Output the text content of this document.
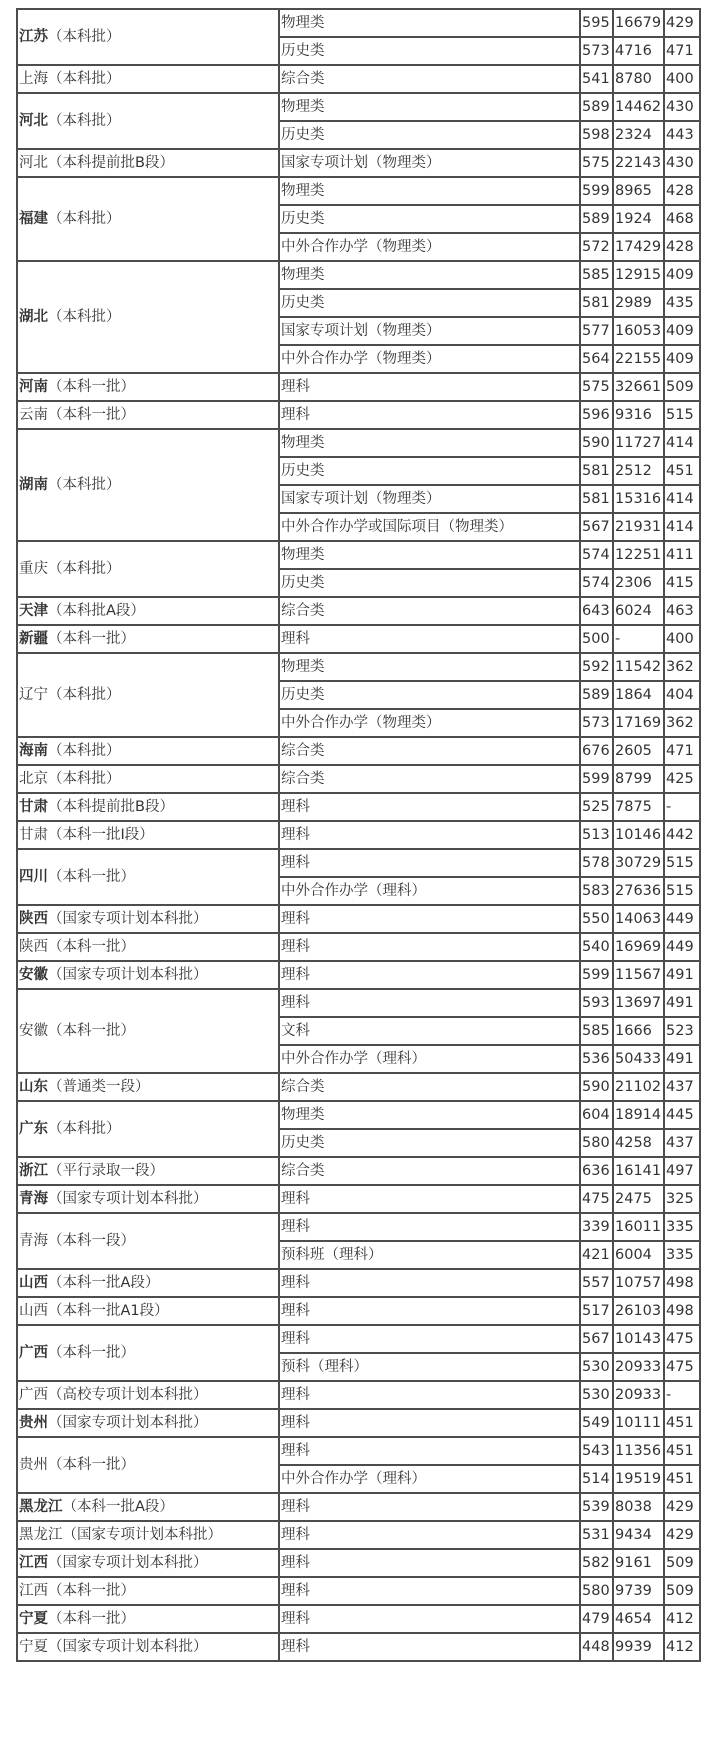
江苏（本科批）	物理类	595	16679	429
	历史类	573	4716	471
上海（本科批）	综合类	541	8780	400
河北（本科批）	物理类	589	14462	430
	历史类	598	2324	443
河北（本科提前批B段）	国家专项计划（物理类）	575	22143	430
福建（本科批）	物理类	599	8965	428
	历史类	589	1924	468
	中外合作办学（物理类）	572	17429	428
湖北（本科批）	物理类	585	12915	409
	历史类	581	2989	435
	国家专项计划（物理类）	577	16053	409
	中外合作办学（物理类）	564	22155	409
河南（本科一批）	理科	575	32661	509
云南（本科一批）	理科	596	9316	515
湖南（本科批）	物理类	590	11727	414
	历史类	581	2512	451
	国家专项计划（物理类）	581	15316	414
	中外合作办学或国际项目（物理类）	567	21931	414
重庆（本科批）	物理类	574	12251	411
	历史类	574	2306	415
天津（本科批A段）	综合类	643	6024	463
新疆（本科一批）	理科	500	-	400
辽宁（本科批）	物理类	592	11542	362
	历史类	589	1864	404
	中外合作办学（物理类）	573	17169	362
海南（本科批）	综合类	676	2605	471
北京（本科批）	综合类	599	8799	425
甘肃（本科提前批B段）	理科	525	7875	-
甘肃（本科一批I段）	理科	513	10146	442
四川（本科一批）	理科	578	30729	515
	中外合作办学（理科）	583	27636	515
陕西（国家专项计划本科批）	理科	550	14063	449
陕西（本科一批）	理科	540	16969	449
安徽（国家专项计划本科批）	理科	599	11567	491
安徽（本科一批）	理科	593	13697	491
	文科	585	1666	523
	中外合作办学（理科）	536	50433	491
山东（普通类一段）	综合类	590	21102	437
广东（本科批）	物理类	604	18914	445
	历史类	580	4258	437
浙江（平行录取一段）	综合类	636	16141	497
青海（国家专项计划本科批）	理科	475	2475	325
青海（本科一段）	理科	339	16011	335
	预科班（理科）	421	6004	335
山西（本科一批A段）	理科	557	10757	498
山西（本科一批A1段）	理科	517	26103	498
广西（本科一批）	理科	567	10143	475
	预科（理科）	530	20933	475
广西（高校专项计划本科批）	理科	530	20933	-
贵州（国家专项计划本科批）	理科	549	10111	451
贵州（本科一批）	理科	543	11356	451
	中外合作办学（理科）	514	19519	451
黑龙江（本科一批A段）	理科	539	8038	429
黑龙江（国家专项计划本科批）	理科	531	9434	429
江西（国家专项计划本科批）	理科	582	9161	509
江西（本科一批）	理科	580	9739	509
宁夏（本科一批）	理科	479	4654	412
宁夏（国家专项计划本科批）	理科	448	9939	412
